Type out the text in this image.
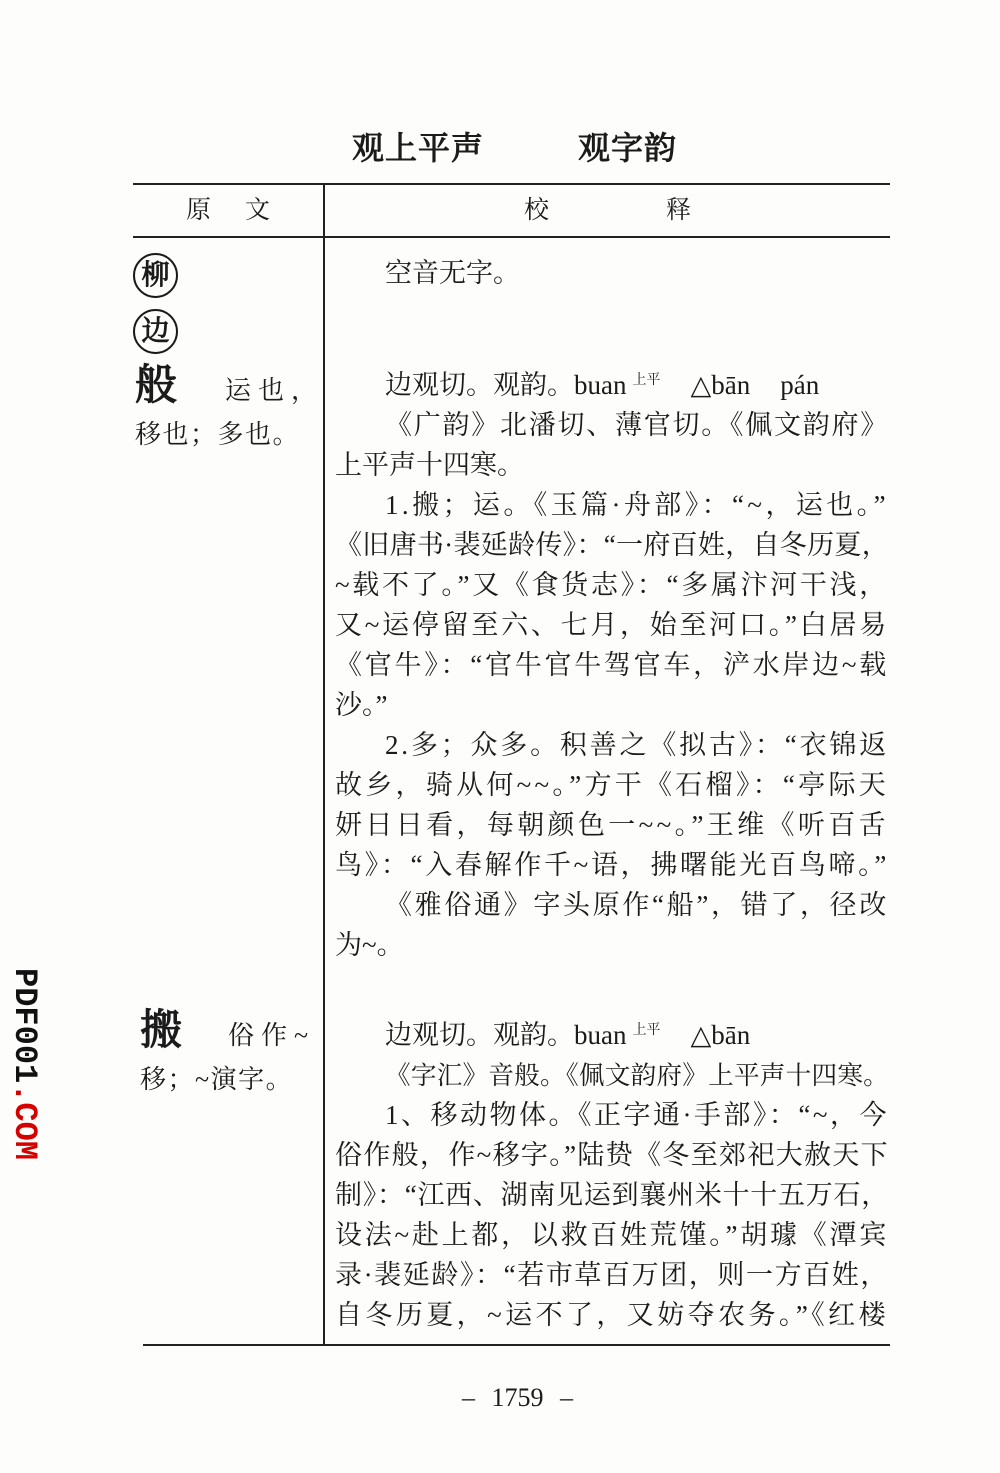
观上平声	观字韵
原文	校释
柳
边
般 运也，
移也；多也。
搬 俗作~
移；~演字。
空音无字。
边观切。观韵。buan $^{上平}$ △bān pán
《广韵》北潘切、薄官切。《佩文韵府》
上平声十四寒。
1.搬；运。《玉篇·舟部》：“~，运也。”
《旧唐书·裴延龄传》：“一府百姓，自冬历夏，
~载不了。”又《食货志》：“多属汴河干浅，
又~运停留至六、七月，始至河口。”白居易
《官牛》：“官牛官牛驾官车，浐水岸边~载
沙。”
2.多；众多。积善之《拟古》：“衣锦返
故乡，骑从何~~。”方干《石榴》：“亭际天
妍日日看，每朝颜色一~~。”王维《听百舌
鸟》：“入春解作千~语，拂曙能光百鸟啼。”
《雅俗通》字头原作“船”，错了，径改
为~。
边观切。观韵。buan $^{上平}$ △bān
《字汇》音般。《佩文韵府》上平声十四寒。
1、移动物体。《正字通·手部》：“~，今
俗作般，作~移字。”陆贽《冬至郊祀大赦天下
制》：“江西、湖南见运到襄州米十十五万石，
设法~赴上都，以救百姓荒馑。”胡璩《潭宾
录·裴延龄》：“若市草百万团，则一方百姓，
自冬历夏，~运不了，又妨夺农务。”《红楼
– 1759 –
PDF001.COM
